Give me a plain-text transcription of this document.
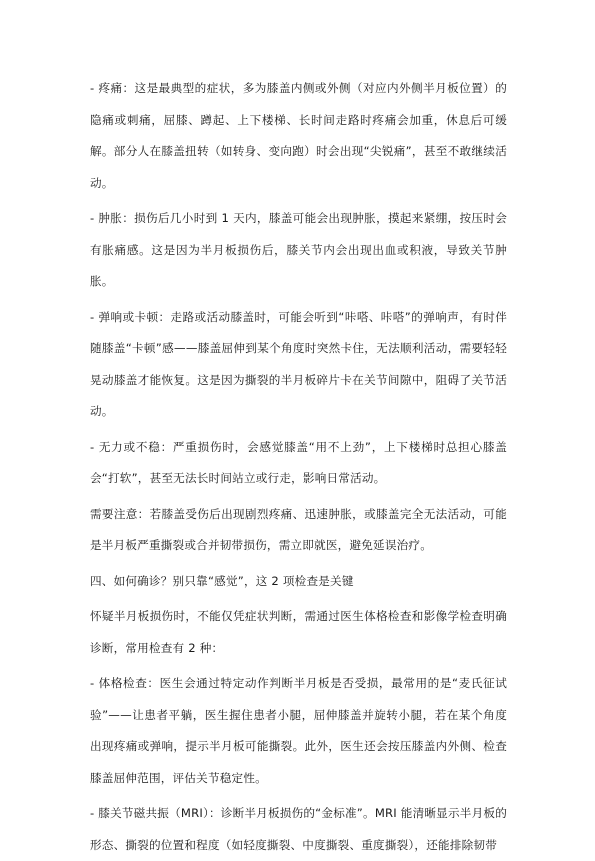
- 疼痛：这是最典型的症状，多为膝盖内侧或外侧（对应内外侧半月板位置）的隐痛或刺痛，屈膝、蹲起、上下楼梯、长时间走路时疼痛会加重，休息后可缓解。部分人在膝盖扭转（如转身、变向跑）时会出现“尖锐痛”，甚至不敢继续活动。

- 肿胀：损伤后几小时到 1 天内，膝盖可能会出现肿胀，摸起来紧绷，按压时会有胀痛感。这是因为半月板损伤后，膝关节内会出现出血或积液，导致关节肿胀。

- 弹响或卡顿：走路或活动膝盖时，可能会听到“咔嗒、咔嗒”的弹响声，有时伴随膝盖“卡顿”感——膝盖屈伸到某个角度时突然卡住，无法顺利活动，需要轻轻晃动膝盖才能恢复。这是因为撕裂的半月板碎片卡在关节间隙中，阻碍了关节活动。

- 无力或不稳：严重损伤时，会感觉膝盖“用不上劲”，上下楼梯时总担心膝盖会“打软”，甚至无法长时间站立或行走，影响日常活动。

需要注意：若膝盖受伤后出现剧烈疼痛、迅速肿胀，或膝盖完全无法活动，可能是半月板严重撕裂或合并韧带损伤，需立即就医，避免延误治疗。

四、如何确诊？别只靠“感觉”，这 2 项检查是关键

怀疑半月板损伤时，不能仅凭症状判断，需通过医生体格检查和影像学检查明确诊断，常用检查有 2 种：

- 体格检查：医生会通过特定动作判断半月板是否受损，最常用的是“麦氏征试验”——让患者平躺，医生握住患者小腿，屈伸膝盖并旋转小腿，若在某个角度出现疼痛或弹响，提示半月板可能撕裂。此外，医生还会按压膝盖内外侧、检查膝盖屈伸范围，评估关节稳定性。

- 膝关节磁共振（MRI）：诊断半月板损伤的“金标准”。MRI 能清晰显示半月板的形态、撕裂的位置和程度（如轻度撕裂、中度撕裂、重度撕裂），还能排除韧带
